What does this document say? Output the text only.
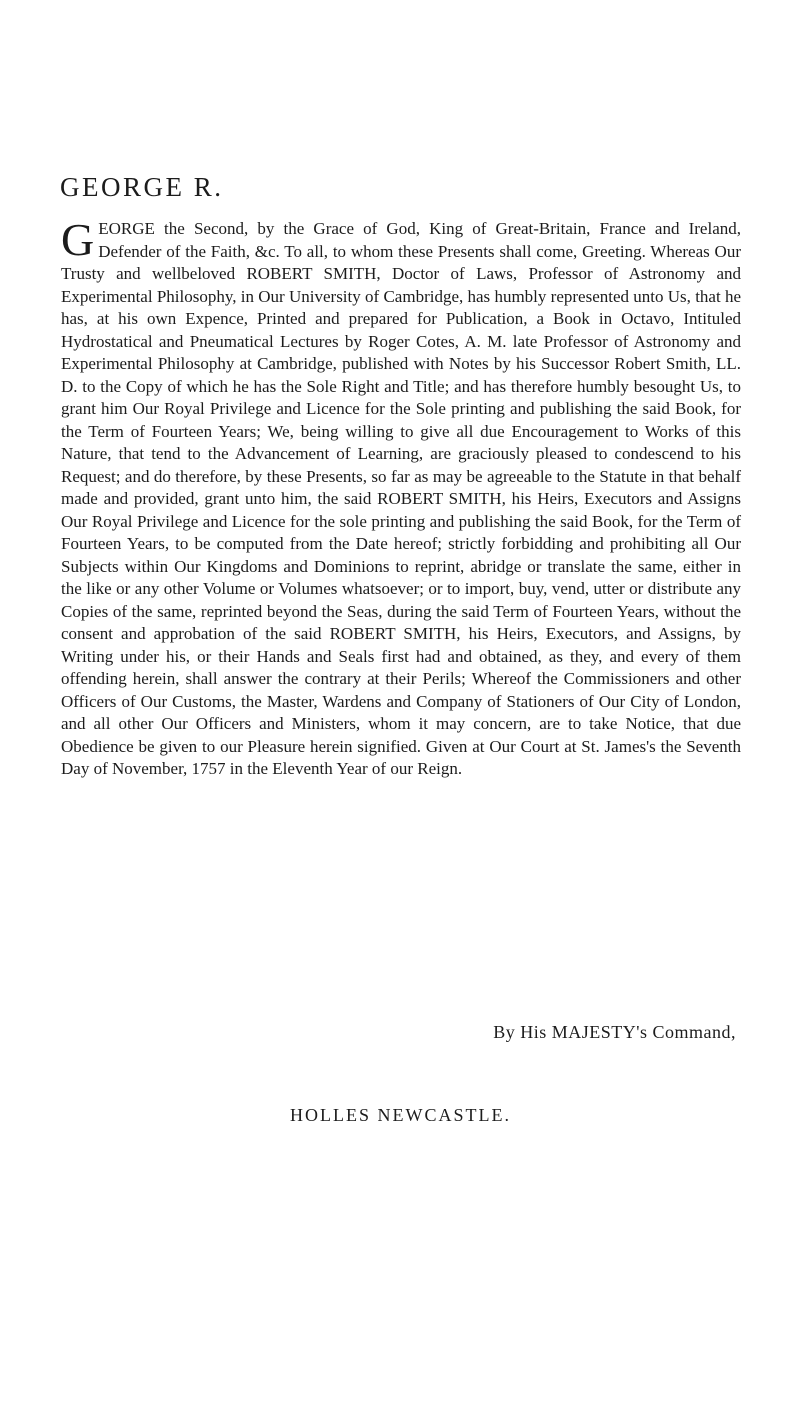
GEORGE R.
GEORGE the Second, by the Grace of God, King of Great-Britain, France and Ireland, Defender of the Faith, &c. To all, to whom these Presents shall come, Greeting. Whereas Our Trusty and wellbeloved ROBERT SMITH, Doctor of Laws, Professor of Astronomy and Experimental Philosophy, in Our University of Cambridge, has humbly represented unto Us, that he has, at his own Expence, Printed and prepared for Publication, a Book in Octavo, Intituled Hydrostatical and Pneumatical Lectures by Roger Cotes, A. M. late Professor of Astronomy and Experimental Philosophy at Cambridge, published with Notes by his Successor Robert Smith, LL. D. to the Copy of which he has the Sole Right and Title; and has therefore humbly besought Us, to grant him Our Royal Privilege and Licence for the Sole printing and publishing the said Book, for the Term of Fourteen Years; We, being willing to give all due Encouragement to Works of this Nature, that tend to the Advancement of Learning, are graciously pleased to condescend to his Request; and do therefore, by these Presents, so far as may be agreeable to the Statute in that behalf made and provided, grant unto him, the said ROBERT SMITH, his Heirs, Executors and Assigns Our Royal Privilege and Licence for the sole printing and publishing the said Book, for the Term of Fourteen Years, to be computed from the Date hereof; strictly forbidding and prohibiting all Our Subjects within Our Kingdoms and Dominions to reprint, abridge or translate the same, either in the like or any other Volume or Volumes whatsoever; or to import, buy, vend, utter or distribute any Copies of the same, reprinted beyond the Seas, during the said Term of Fourteen Years, without the consent and approbation of the said ROBERT SMITH, his Heirs, Executors, and Assigns, by Writing under his, or their Hands and Seals first had and obtained, as they, and every of them offending herein, shall answer the contrary at their Perils; Whereof the Commissioners and other Officers of Our Customs, the Master, Wardens and Company of Stationers of Our City of London, and all other Our Officers and Ministers, whom it may concern, are to take Notice, that due Obedience be given to our Pleasure herein signified. Given at Our Court at St. James's the Seventh Day of November, 1757 in the Eleventh Year of our Reign.
By His MAJESTY's Command,
HOLLES NEWCASTLE.
